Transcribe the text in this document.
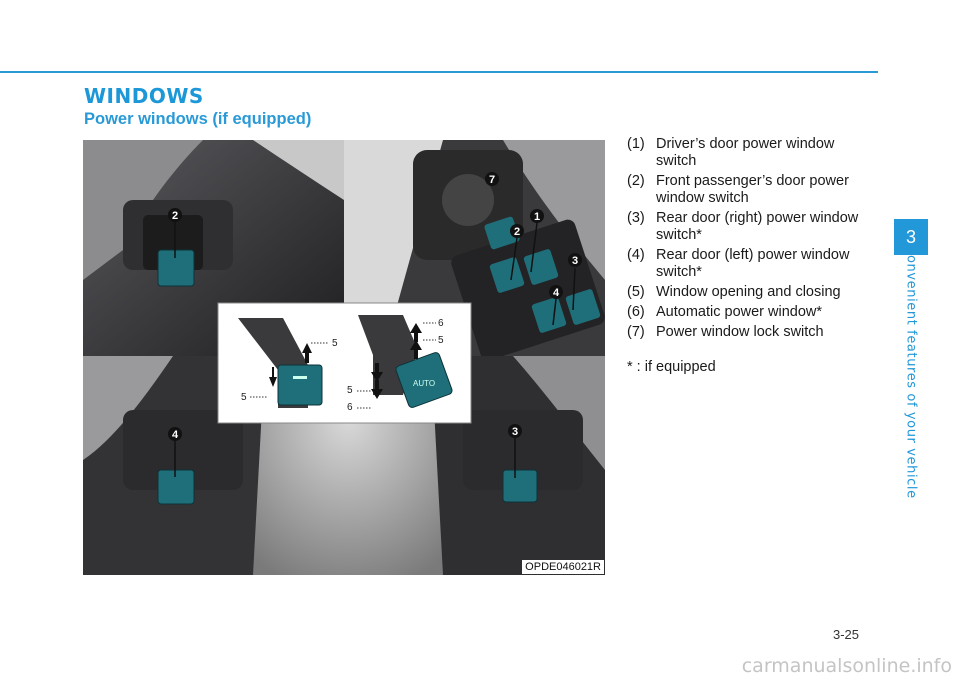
WINDOWS
Power windows (if equipped)
1
2
3
4
7
2
4	3
AUTO
5
5
6
5
5
6
OPDE046021R
(1) Driver’s door power window switch
(2) Front passenger’s door power window switch
(3) Rear door (right) power window switch*
(4) Rear door (left) power window switch*
(5) Window opening and closing
(6) Automatic power window*
(7) Power window lock switch

* : if equipped

3
Convenient features of your vehicle
3-25
carmanualsonline.info
